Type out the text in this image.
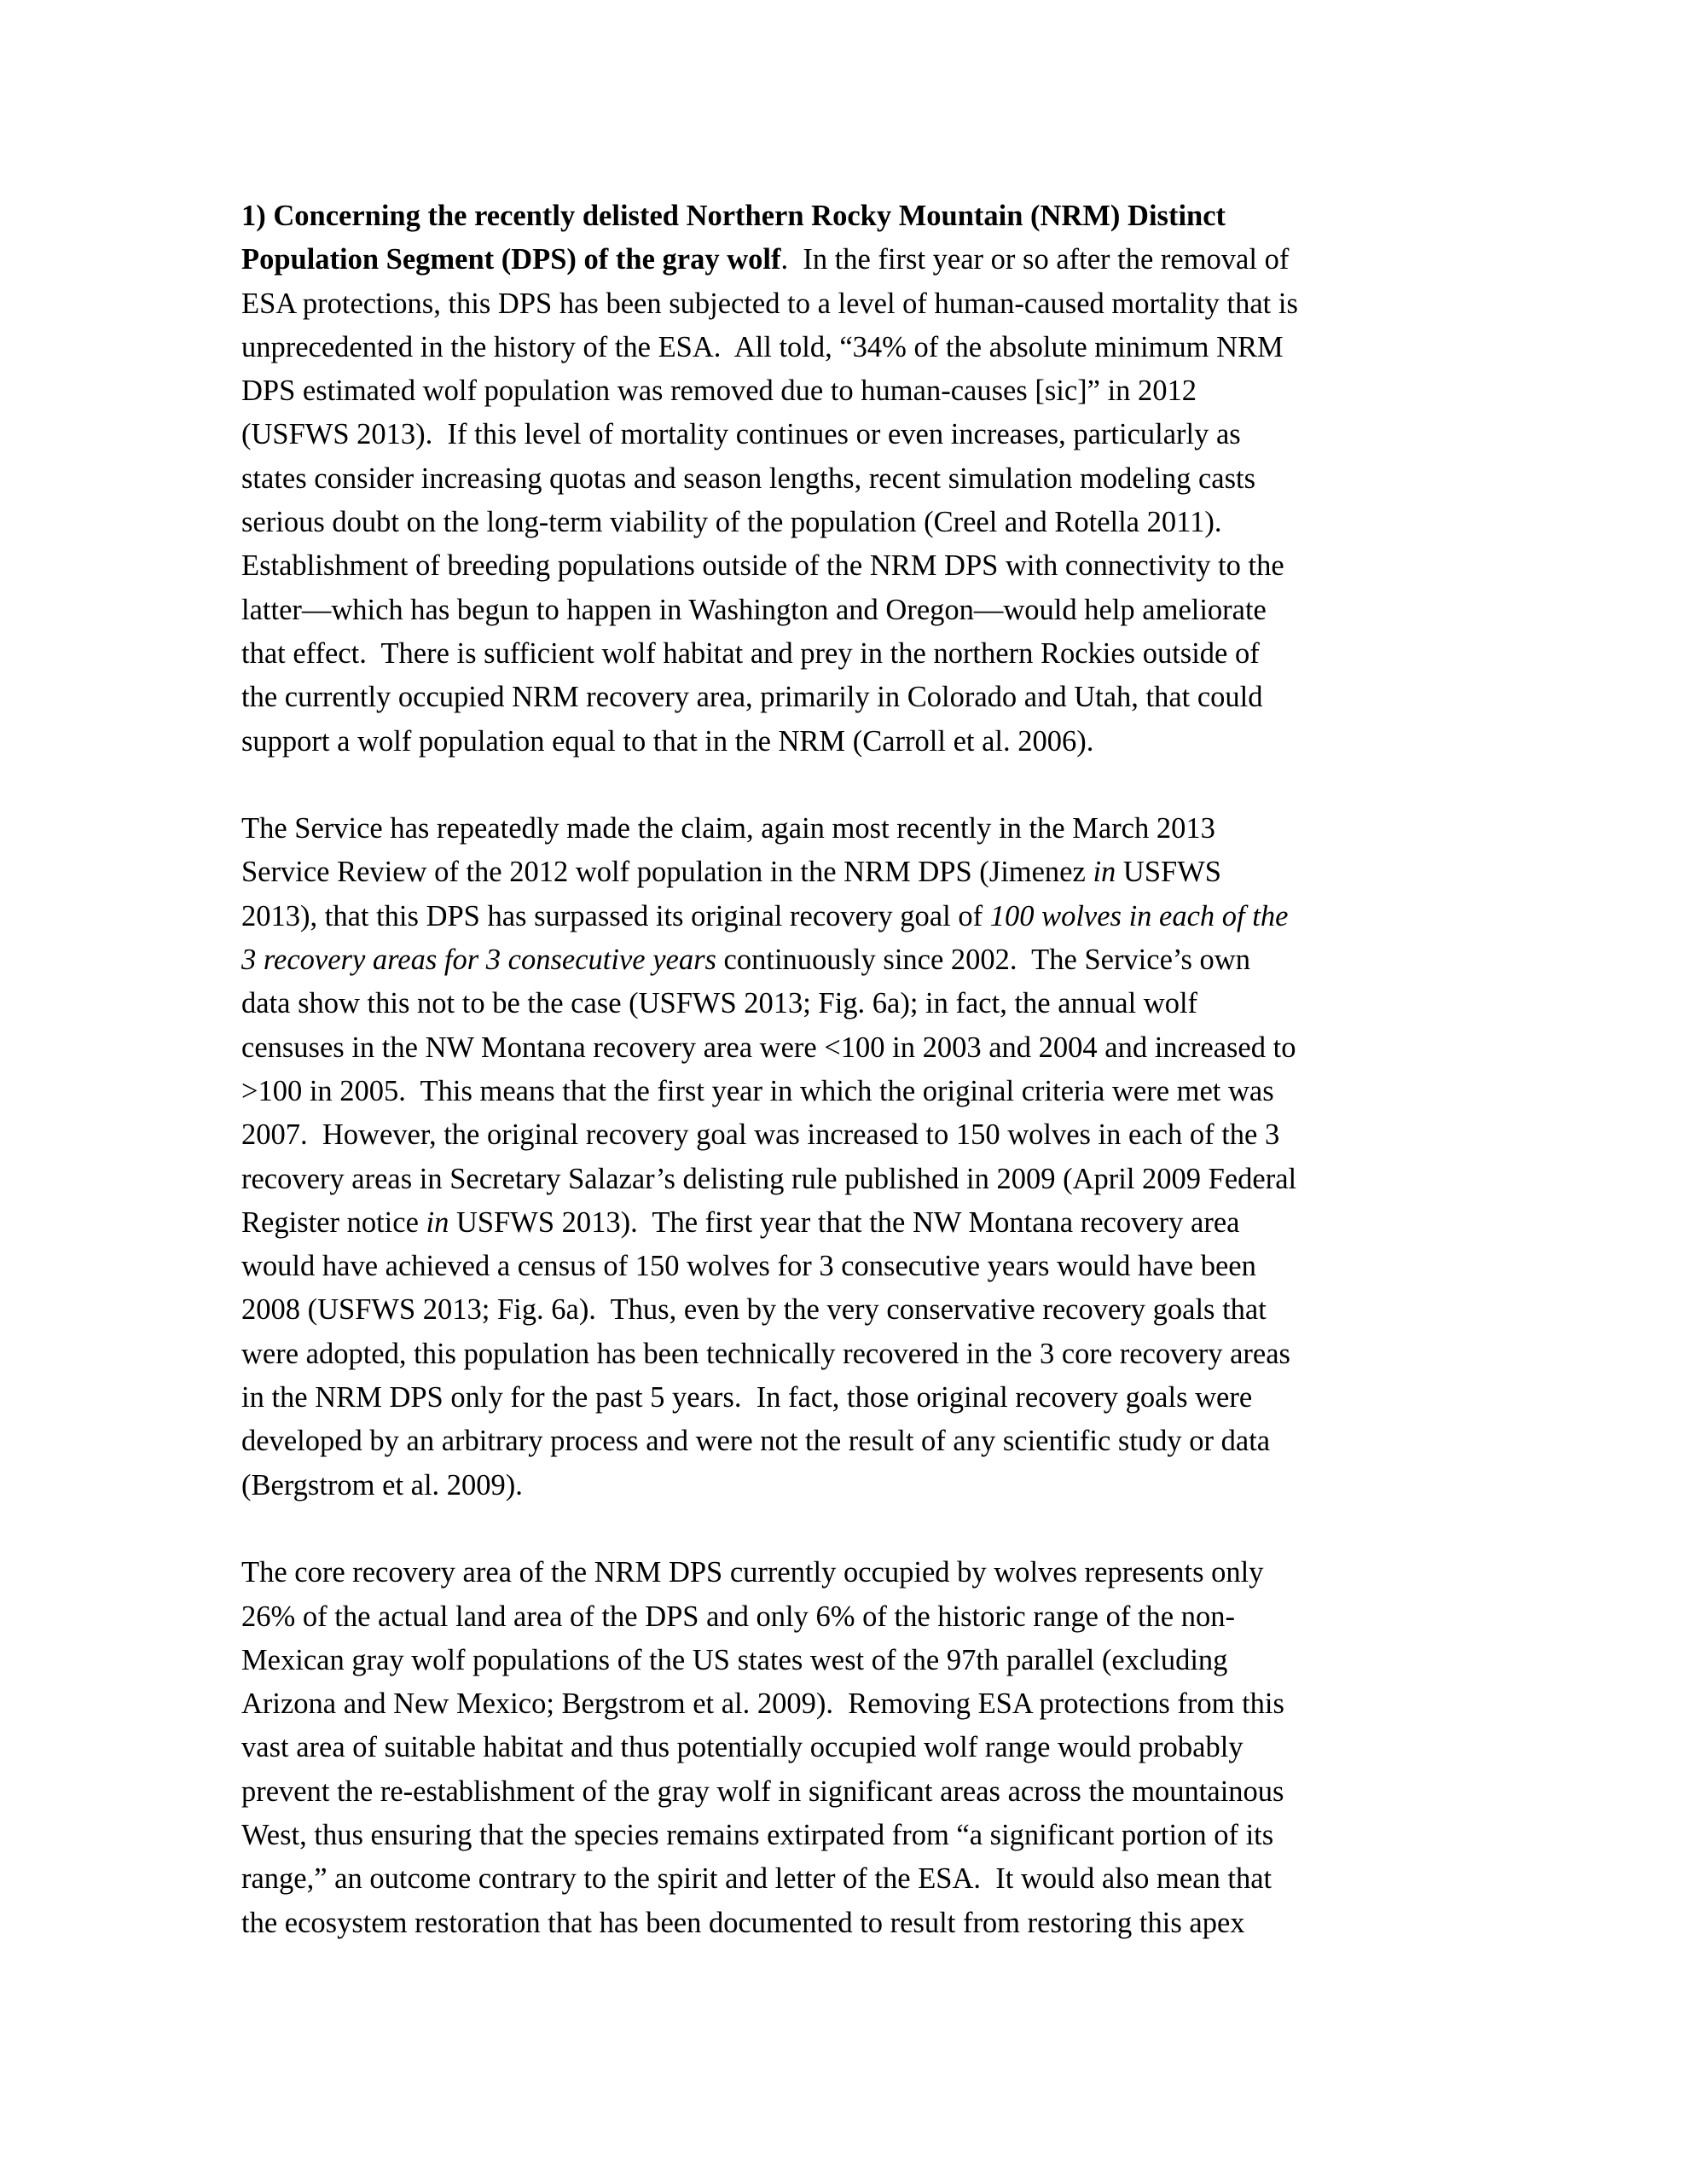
1) Concerning the recently delisted Northern Rocky Mountain (NRM) Distinct
Population Segment (DPS) of the gray wolf.  In the first year or so after the removal of
ESA protections, this DPS has been subjected to a level of human-caused mortality that is
unprecedented in the history of the ESA.  All told, “34% of the absolute minimum NRM
DPS estimated wolf population was removed due to human-causes [sic]” in 2012
(USFWS 2013).  If this level of mortality continues or even increases, particularly as
states consider increasing quotas and season lengths, recent simulation modeling casts
serious doubt on the long-term viability of the population (Creel and Rotella 2011).
Establishment of breeding populations outside of the NRM DPS with connectivity to the
latter—which has begun to happen in Washington and Oregon—would help ameliorate
that effect.  There is sufficient wolf habitat and prey in the northern Rockies outside of
the currently occupied NRM recovery area, primarily in Colorado and Utah, that could
support a wolf population equal to that in the NRM (Carroll et al. 2006).

The Service has repeatedly made the claim, again most recently in the March 2013
Service Review of the 2012 wolf population in the NRM DPS (Jimenez in USFWS
2013), that this DPS has surpassed its original recovery goal of 100 wolves in each of the
3 recovery areas for 3 consecutive years continuously since 2002.  The Service’s own
data show this not to be the case (USFWS 2013; Fig. 6a); in fact, the annual wolf
censuses in the NW Montana recovery area were <100 in 2003 and 2004 and increased to
>100 in 2005.  This means that the first year in which the original criteria were met was
2007.  However, the original recovery goal was increased to 150 wolves in each of the 3
recovery areas in Secretary Salazar’s delisting rule published in 2009 (April 2009 Federal
Register notice in USFWS 2013).  The first year that the NW Montana recovery area
would have achieved a census of 150 wolves for 3 consecutive years would have been
2008 (USFWS 2013; Fig. 6a).  Thus, even by the very conservative recovery goals that
were adopted, this population has been technically recovered in the 3 core recovery areas
in the NRM DPS only for the past 5 years.  In fact, those original recovery goals were
developed by an arbitrary process and were not the result of any scientific study or data
(Bergstrom et al. 2009).

The core recovery area of the NRM DPS currently occupied by wolves represents only
26% of the actual land area of the DPS and only 6% of the historic range of the non-
Mexican gray wolf populations of the US states west of the 97th parallel (excluding
Arizona and New Mexico; Bergstrom et al. 2009).  Removing ESA protections from this
vast area of suitable habitat and thus potentially occupied wolf range would probably
prevent the re-establishment of the gray wolf in significant areas across the mountainous
West, thus ensuring that the species remains extirpated from “a significant portion of its
range,” an outcome contrary to the spirit and letter of the ESA.  It would also mean that
the ecosystem restoration that has been documented to result from restoring this apex
